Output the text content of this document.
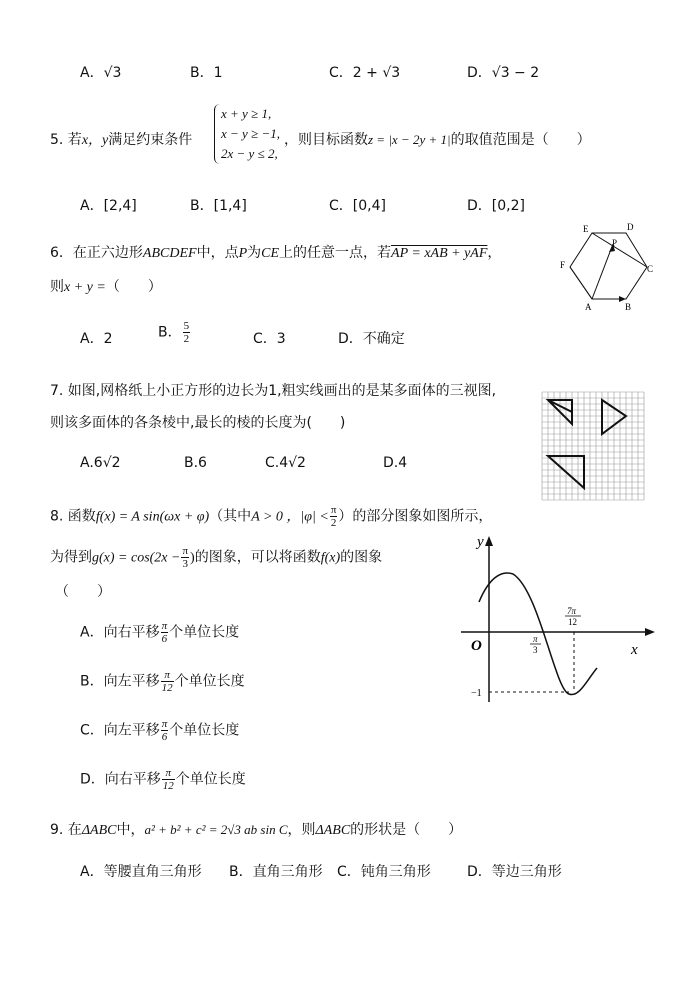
A．√3	B．1	C．2 + √3	D．√3 − 2
5. 若x，y满足约束条件
x + y ≥ 1,
x − y ≥ −1,
2x − y ≤ 2,
，则目标函数z = |x − 2y + 1|的取值范围是（　　）
A．[2,4]	B．[1,4]	C．[0,4]	D．[0,2]
6．在正六边形ABCDEF中，点P为CE上的任意一点，若AP = xAB + yAF，
则x + y =（　　）
A．2	B． $\frac{5}{2}$	C．3	D．不确定
E	D
P
F	C
A	B
7. 如图,网格纸上小正方形的边长为1,粗实线画出的是某多面体的三视图,
则该多面体的各条棱中,最长的棱的长度为(　　)
A.6√2	B.6	C.4√2	D.4
8. 函数f(x) = A sin(ωx + φ)（其中A > 0 ，$|\varphi| < \frac{\pi}{2}$ ）的部分图象如图所示，
为得到$g(x) = \cos(2x - \frac{\pi}{3}$ )的图象，可以将函数f(x)的图象
（　　）
A．向右平移 $\frac{\pi}{6}$ 个单位长度
B．向左平移 $\frac{\pi}{12}$ 个单位长度
C．向左平移 $\frac{\pi}{6}$ 个单位长度
D．向右平移 $\frac{\pi}{12}$ 个单位长度
y
O	x
π
3
7π
12
−1
9. 在ΔABC中，a² + b² + c² = 2√3 ab sin C，则ΔABC的形状是（　　）
A．等腰直角三角形 B．直角三角形 C．钝角三角形	D．等边三角形
